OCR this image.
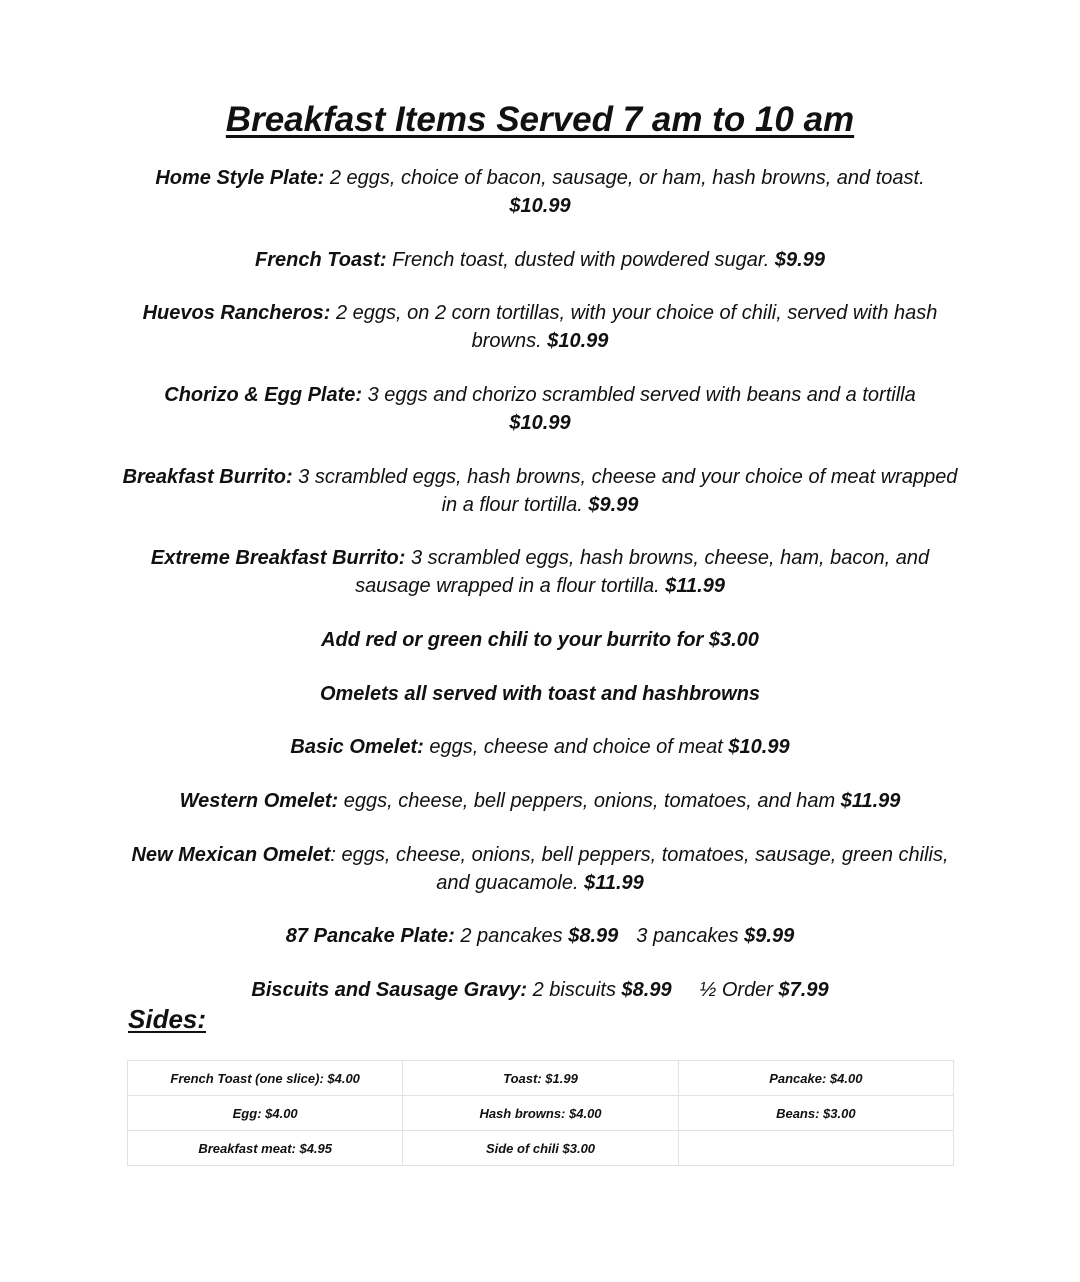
Breakfast Items Served 7 am to 10 am
Home Style Plate: 2 eggs, choice of bacon, sausage, or ham, hash browns, and toast.
$10.99
French Toast: French toast, dusted with powdered sugar. $9.99
Huevos Rancheros: 2 eggs, on 2 corn tortillas, with your choice of chili, served with hash browns. $10.99
Chorizo & Egg Plate: 3 eggs and chorizo scrambled served with beans and a tortilla
$10.99
Breakfast Burrito: 3 scrambled eggs, hash browns, cheese and your choice of meat wrapped in a flour tortilla. $9.99
Extreme Breakfast Burrito: 3 scrambled eggs, hash browns, cheese, ham, bacon, and sausage wrapped in a flour tortilla. $11.99
Add red or green chili to your burrito for $3.00
Omelets all served with toast and hashbrowns
Basic Omelet: eggs, cheese and choice of meat $10.99
Western Omelet: eggs, cheese, bell peppers, onions, tomatoes, and ham $11.99
New Mexican Omelet: eggs, cheese, onions, bell peppers, tomatoes, sausage, green chilis, and guacamole. $11.99
87 Pancake Plate: 2 pancakes $8.99 3 pancakes $9.99
Biscuits and Sausage Gravy: 2 biscuits $8.99 ½ Order $7.99
Sides:
French Toast (one slice): $4.00	Toast: $1.99	Pancake: $4.00
Egg: $4.00	Hash browns: $4.00	Beans: $3.00
Breakfast meat: $4.95	Side of chili $3.00	
